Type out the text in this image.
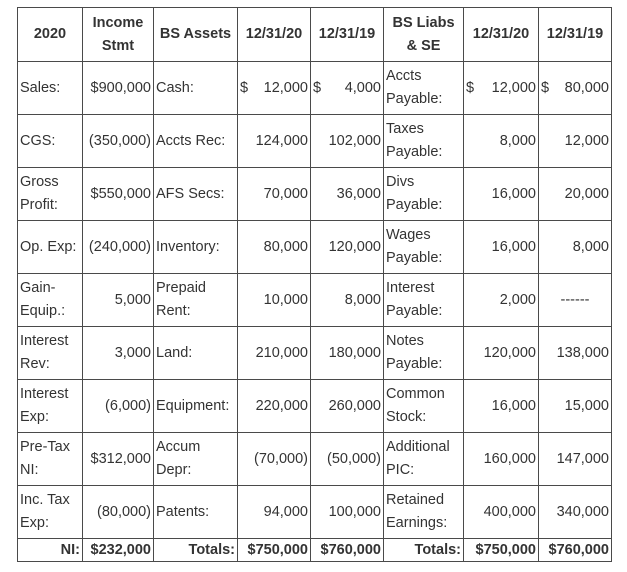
2020	Income Stmt	BS Assets	12/31/20	12/31/19	BS Liabs & SE	12/31/20	12/31/19
Sales:	$900,000	Cash:	$ 12,000	$ 4,000	Accts Payable:	$ 12,000	$ 80,000
CGS:	(350,000)	Accts Rec:	124,000	102,000	Taxes Payable:	8,000	12,000
Gross Profit:	$550,000	AFS Secs:	70,000	36,000	Divs Payable:	16,000	20,000
Op. Exp:	(240,000)	Inventory:	80,000	120,000	Wages Payable:	16,000	8,000
Gain-Equip.:	5,000	Prepaid Rent:	10,000	8,000	Interest Payable:	2,000	------
Interest Rev:	3,000	Land:	210,000	180,000	Notes Payable:	120,000	138,000
Interest Exp:	(6,000)	Equipment:	220,000	260,000	Common Stock:	16,000	15,000
Pre-Tax NI:	$312,000	Accum Depr:	(70,000)	(50,000)	Additional PIC:	160,000	147,000
Inc. Tax Exp:	(80,000)	Patents:	94,000	100,000	Retained Earnings:	400,000	340,000
NI:	$232,000	Totals:	$750,000	$760,000	Totals:	$750,000	$760,000
